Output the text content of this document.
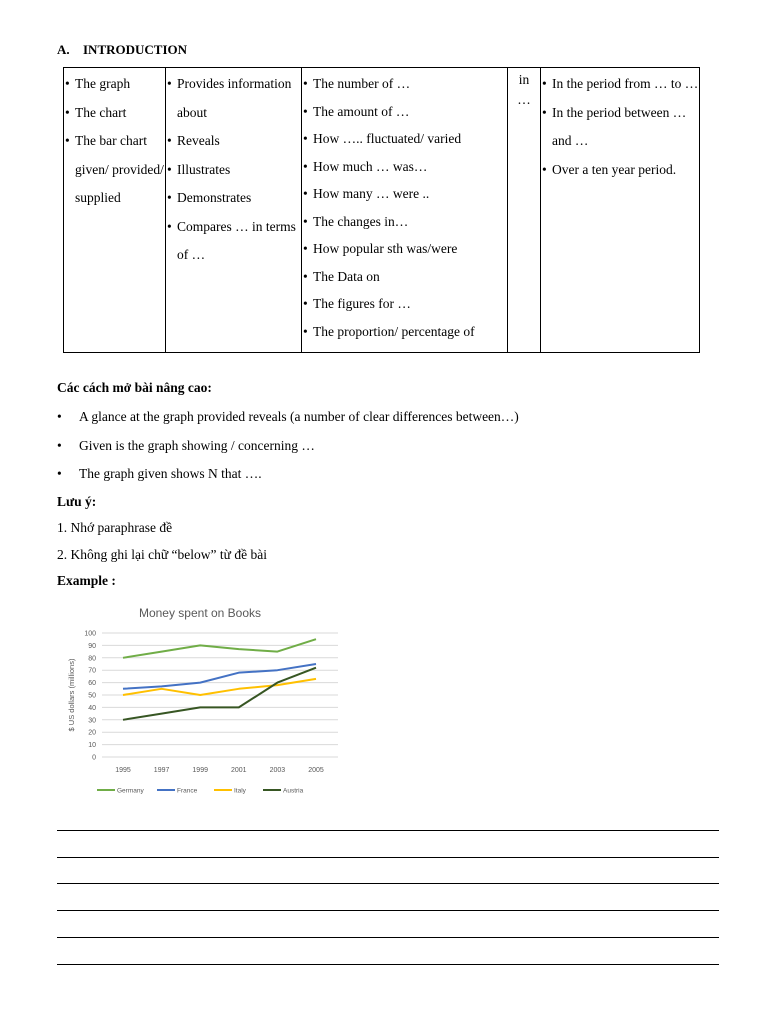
A. INTRODUCTION
• The graph
• The chart
• The bar chart given/ provided/ supplied

• Provides information about
• Reveals
• Illustrates
• Demonstrates
• Compares … in terms of …

• The number of …
• The amount of …
• How ….. fluctuated/ varied
• How much … was…
• How many … were ..
• The changes in…
• How popular sth was/were
• The Data on
• The figures for …
• The proportion/ percentage of

in
…

• In the period from … to …
• In the period between … and …
• Over a ten year period.
Các cách mở bài nâng cao:
• A glance at the graph provided reveals (a number of clear differences between…)
• Given is the graph showing / concerning …
• The graph given shows N that ….
Lưu ý:
1. Nhớ paraphrase đề
2. Không ghi lại chữ “below” từ đề bài
Example :
Money spent on Books
0
10
20
30
40
50
60
70
80
90
100
$ US dollars (millions)
1995	1997	1999	2001	2003	2005
Germany	France	Italy	Austria
